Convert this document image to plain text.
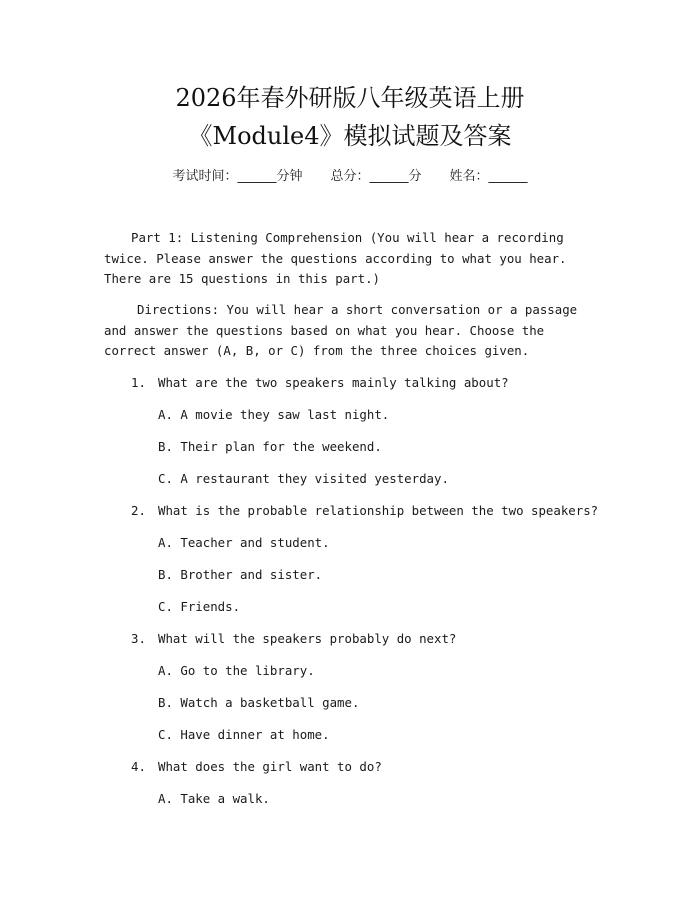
2026年春外研版八年级英语上册
《Module4》模拟试题及答案
考试时间：______分钟 总分：______分 姓名：______
Part 1: Listening Comprehension (You will hear a recording twice. Please answer the questions according to what you hear. There are 15 questions in this part.)
Directions: You will hear a short conversation or a passage and answer the questions based on what you hear. Choose the correct answer (A, B, or C) from the three choices given.
1. What are the two speakers mainly talking about?
A. A movie they saw last night.
B. Their plan for the weekend.
C. A restaurant they visited yesterday.
2. What is the probable relationship between the two speakers?
A. Teacher and student.
B. Brother and sister.
C. Friends.
3. What will the speakers probably do next?
A. Go to the library.
B. Watch a basketball game.
C. Have dinner at home.
4. What does the girl want to do?
A. Take a walk.
